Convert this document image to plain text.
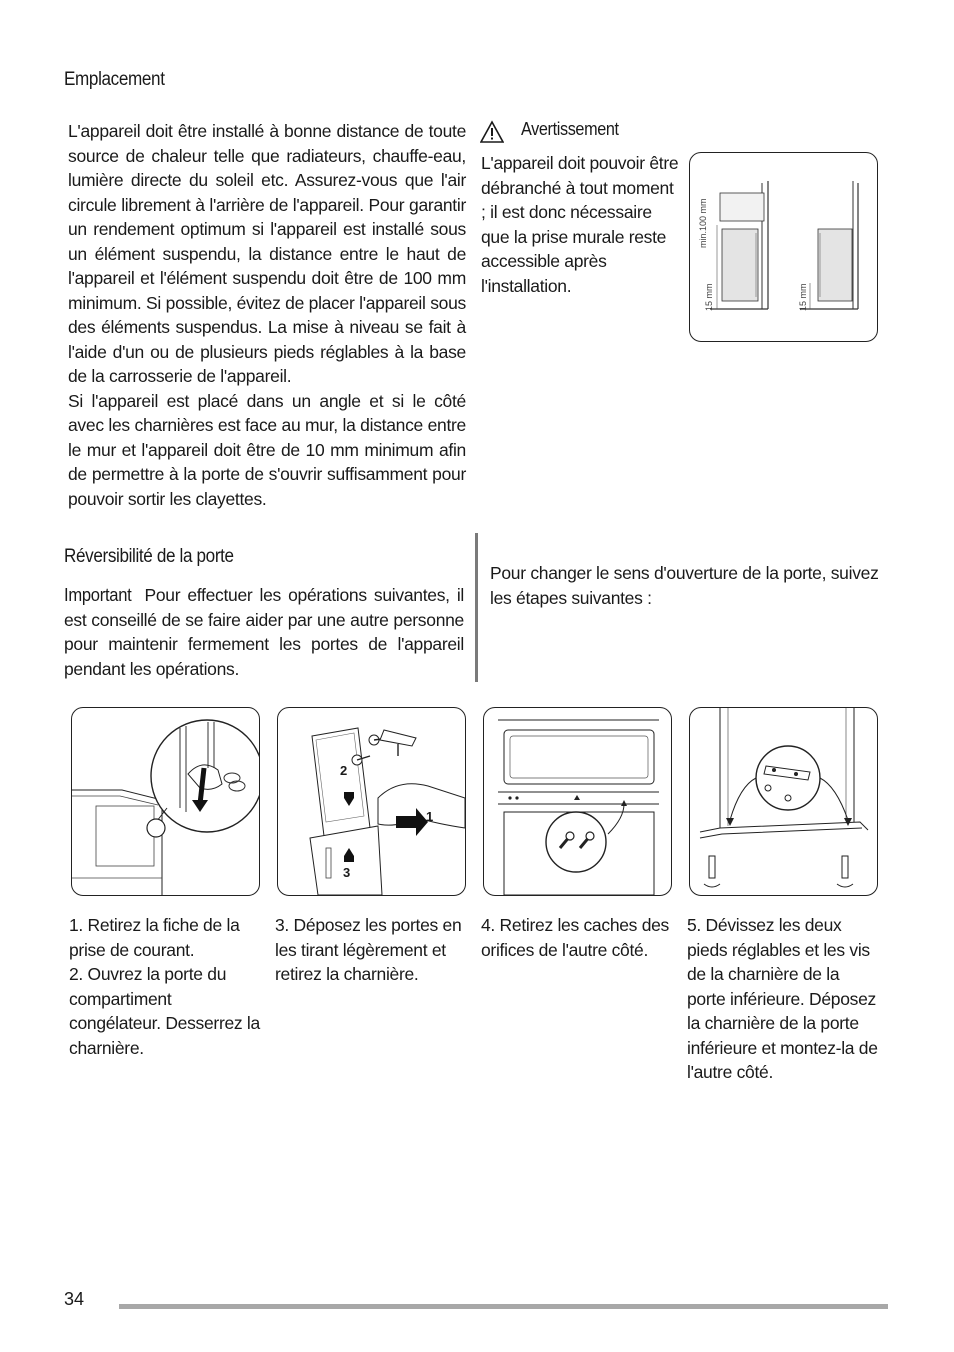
Emplacement

L'appareil doit être installé à bonne distance de toute source de chaleur telle que radiateurs, chauffe-eau, lumière directe du soleil etc. Assurez-vous que l'air circule librement à l'arrière de l'appareil. Pour garantir un rendement optimum si l'appareil est installé sous un élément suspendu, la distance entre le haut de l'appareil et l'élément suspendu doit être de 100 mm minimum. Si possible, évitez de placer l'appareil sous des éléments suspendus. La mise à niveau se fait à l'aide d'un ou de plusieurs pieds réglables à la base de la carrosserie de l'appareil.

Si l'appareil est placé dans un angle et si le côté avec les charnières est face au mur, la distance entre le mur et l'appareil doit être de 10 mm minimum afin de permettre à la porte de s'ouvrir suffisamment pour pouvoir sortir les clayettes.

Avertissement
L'appareil doit pouvoir être débranché à tout moment ; il est donc nécessaire que la prise murale reste accessible après l'installation.
min.100 mm
15 mm	15 mm
Réversibilité de la porte
Important Pour effectuer les opérations suivantes, il est conseillé de se faire aider par une autre personne pour maintenir fermement les portes de l'appareil pendant les opérations.
Pour changer le sens d'ouverture de la porte, suivez les étapes suivantes :
2
1
3

1. Retirez la fiche de la prise de courant.

2. Ouvrez la porte du compartiment congélateur. Desserrez la charnière.

3. Déposez les portes en les tirant légèrement et retirez la charnière.

4. Retirez les caches des orifices de l'autre côté.

5. Dévissez les deux pieds réglables et les vis de la charnière de la porte inférieure. Déposez la charnière de la porte inférieure et montez-la de l'autre côté.

34
